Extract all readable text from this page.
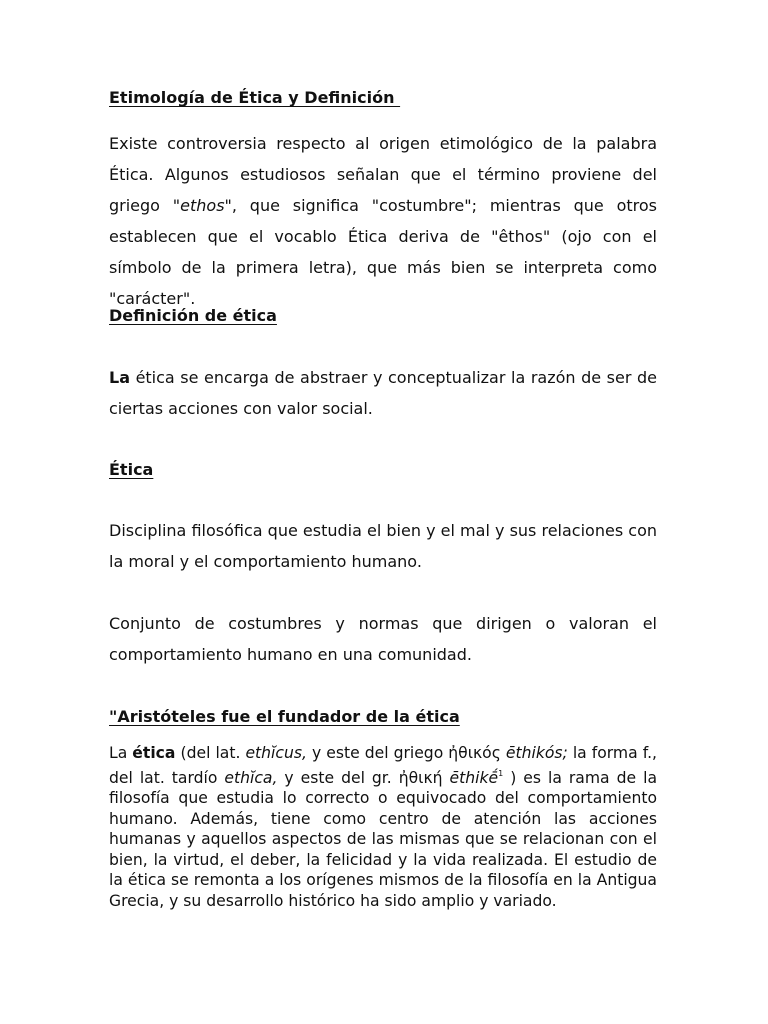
Etimología de Ética y Definición
Existe controversia respecto al origen etimológico de la palabra Ética. Algunos estudiosos señalan que el término proviene del griego "ethos", que significa "costumbre"; mientras que otros establecen que el vocablo Ética deriva de "êthos" (ojo con el símbolo de la primera letra), que más bien se interpreta como "carácter".
Definición de ética
La ética se encarga de abstraer y conceptualizar la razón de ser de ciertas acciones con valor social.
Ética
Disciplina filosófica que estudia el bien y el mal y sus relaciones con la moral y el comportamiento humano.
Conjunto de costumbres y normas que dirigen o valoran el comportamiento humano en una comunidad.
"Aristóteles fue el fundador de la ética
La ética (del lat. ethĭcus, y este del griego ἠθικός ēthikós; la forma f., del lat. tardío ethĭca, y este del gr. ἠθική ēthikḗ$^1$ ) es la rama de la filosofía que estudia lo correcto o equivocado del comportamiento humano. Además, tiene como centro de atención las acciones humanas y aquellos aspectos de las mismas que se relacionan con el bien, la virtud, el deber, la felicidad y la vida realizada. El estudio de la ética se remonta a los orígenes mismos de la filosofía en la Antigua Grecia, y su desarrollo histórico ha sido amplio y variado.
